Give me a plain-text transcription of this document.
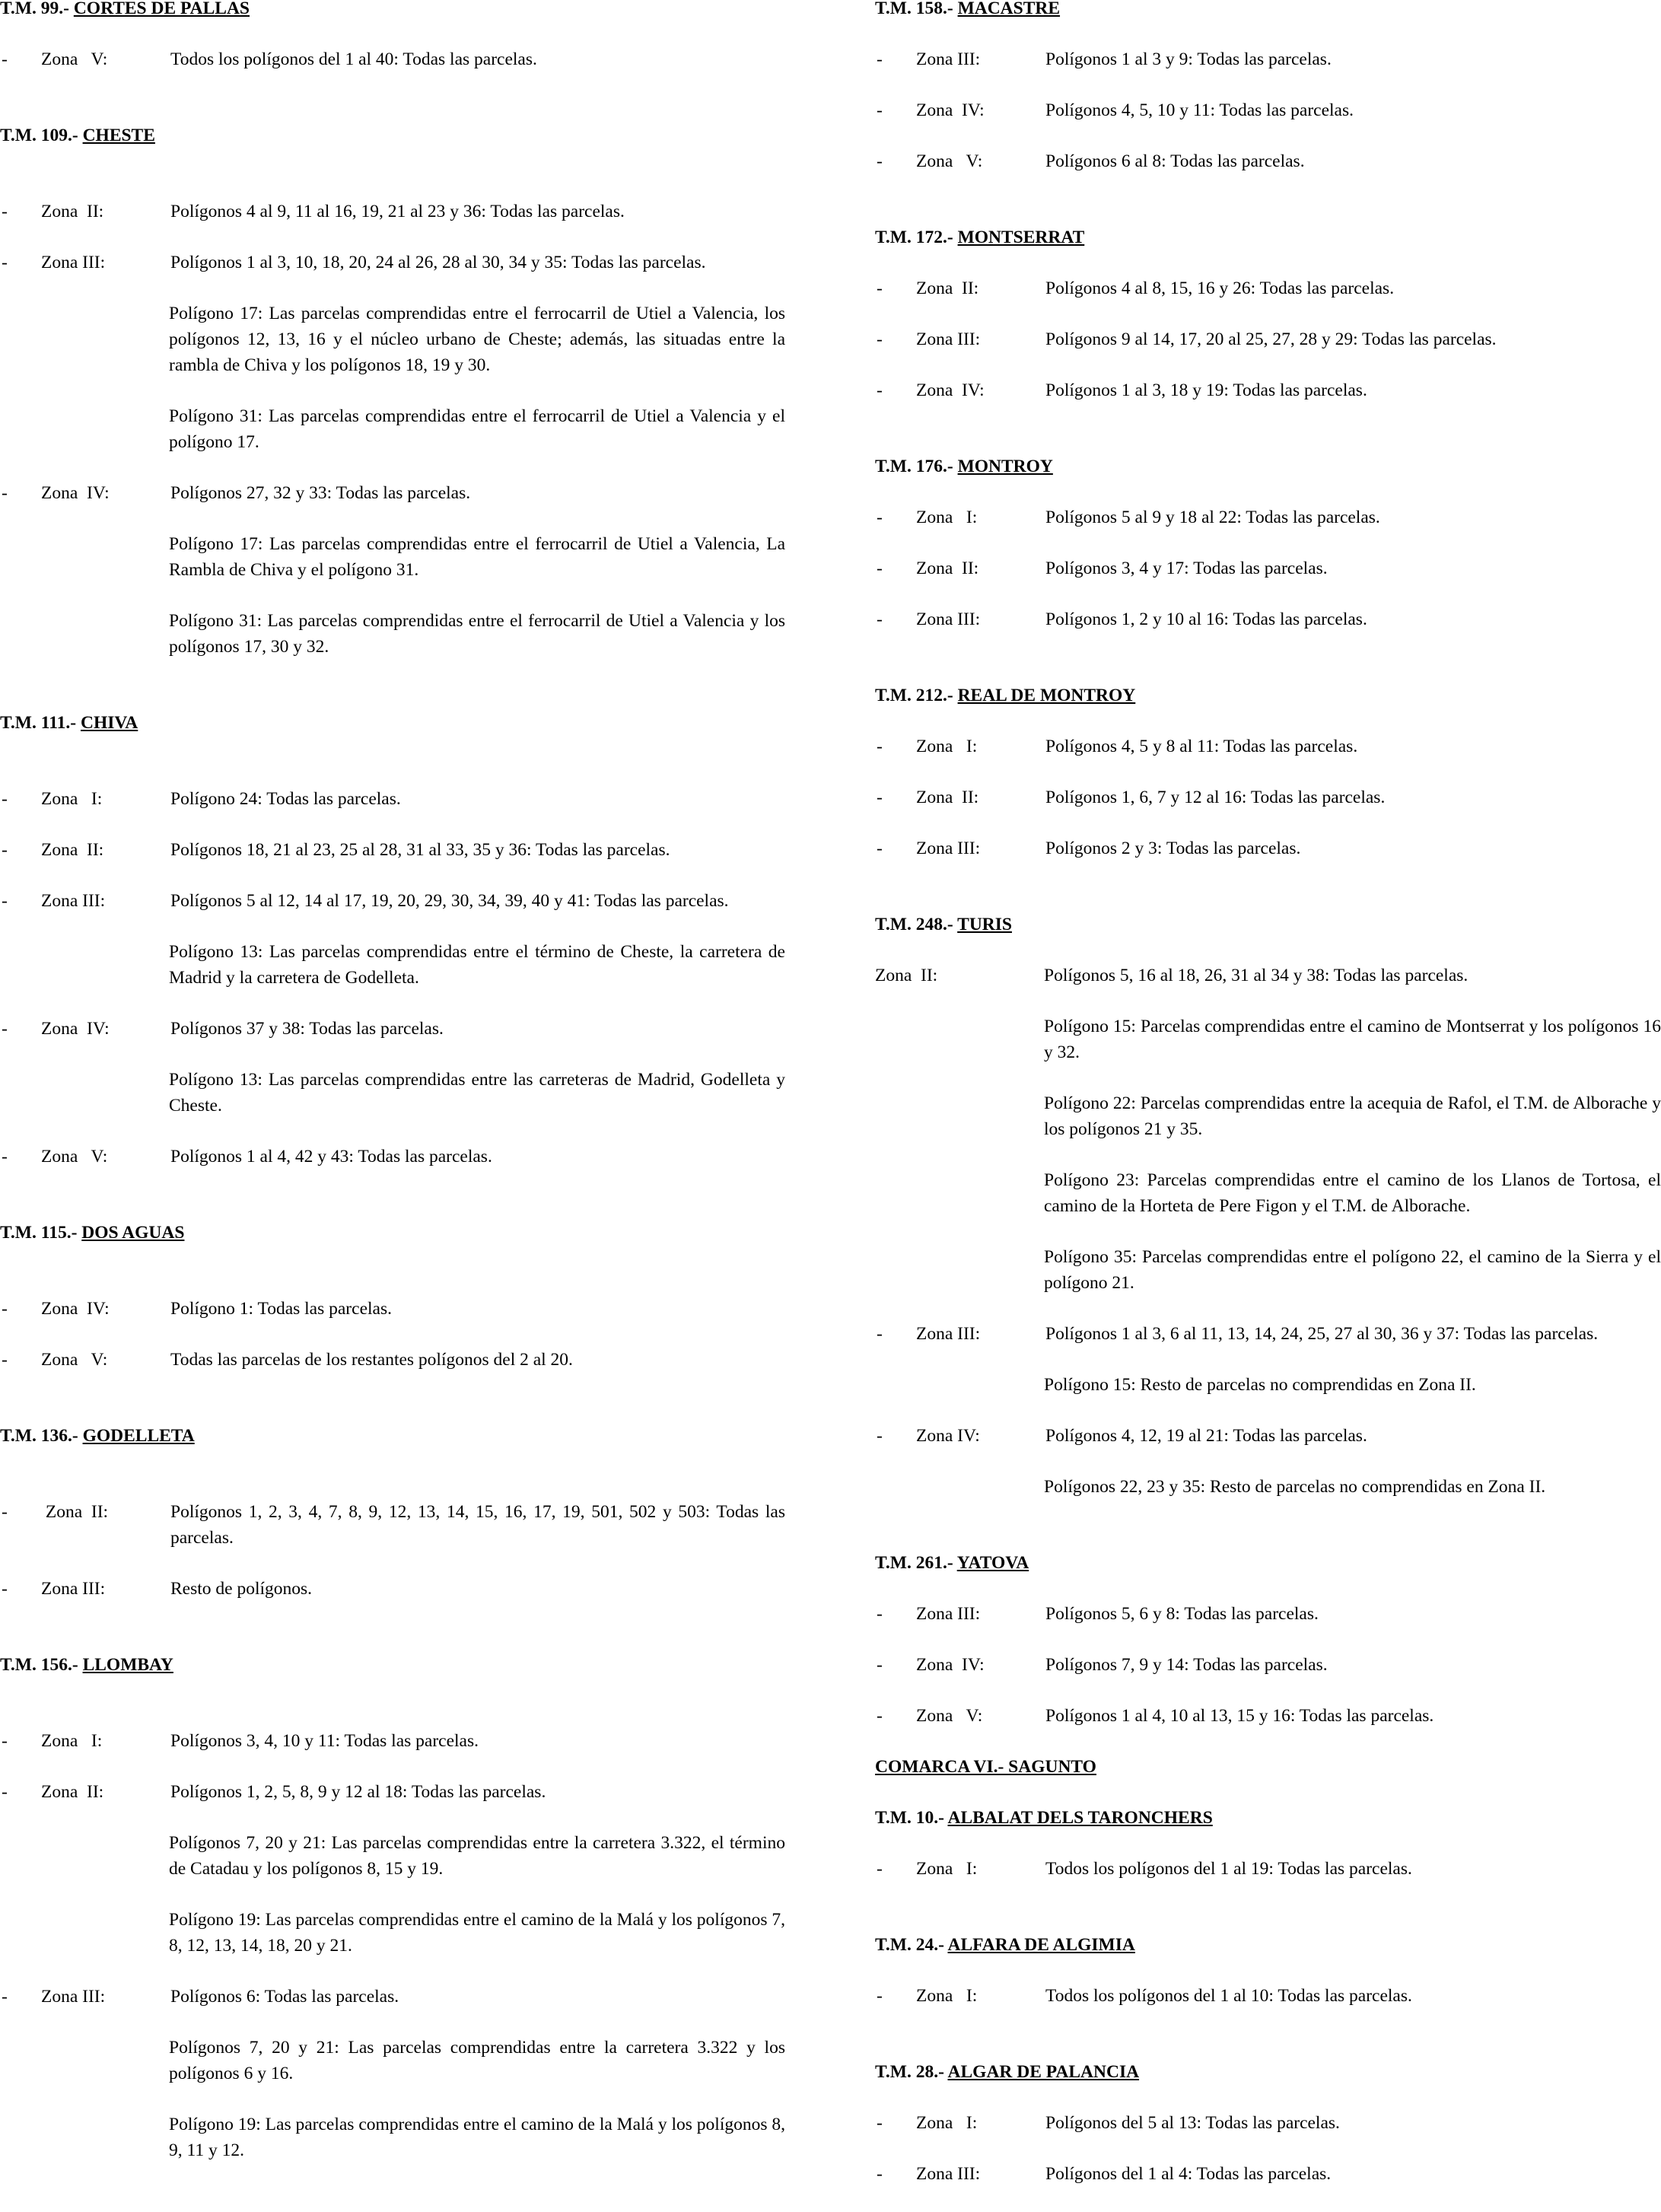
T.M. 99.- CORTES DE PALLAS

-	Zona   V:	Todos los polígonos del 1 al 40: Todas las parcelas.

T.M. 109.- CHESTE

-	Zona  II:	Polígonos 4 al 9, 11 al 16, 19, 21 al 23 y 36: Todas las parcelas.
-	Zona III:	Polígonos 1 al 3, 10, 18, 20, 24 al 26, 28 al 30, 34 y 35: Todas las parcelas.
Polígono 17: Las parcelas comprendidas entre el ferrocarril de Utiel a Valencia, los polígonos 12, 13, 16 y el núcleo urbano de Cheste; además, las situadas entre la rambla de Chiva y los polígonos 18, 19 y 30.
Polígono 31: Las parcelas comprendidas entre el ferrocarril de Utiel a Valencia y el polígono 17.
-	Zona  IV:	Polígonos 27, 32 y 33: Todas las parcelas.
Polígono 17: Las parcelas comprendidas entre el ferrocarril de Utiel a Valencia, La Rambla de Chiva y el polígono 31.
Polígono 31: Las parcelas comprendidas entre el ferrocarril de Utiel a Valencia y los polígonos 17, 30 y 32.

T.M. 111.- CHIVA

-	Zona   I:	Polígono 24: Todas las parcelas.
-	Zona  II:	Polígonos 18, 21 al 23, 25 al 28, 31 al 33, 35 y 36: Todas las parcelas.
-	Zona III:	Polígonos 5 al 12, 14 al 17, 19, 20, 29, 30, 34, 39, 40 y 41: Todas las parcelas.
Polígono 13: Las parcelas comprendidas entre el término de Cheste, la carretera de Madrid y la carretera de Godelleta.
-	Zona  IV:	Polígonos 37 y 38: Todas las parcelas.
Polígono 13: Las parcelas comprendidas entre las carreteras de Madrid, Godelleta y Cheste.
-	Zona   V:	Polígonos 1 al 4, 42 y 43: Todas las parcelas.

T.M. 115.- DOS AGUAS

-	Zona  IV:	Polígono 1: Todas las parcelas.
-	Zona   V:	Todas las parcelas de los restantes polígonos del 2 al 20.

T.M. 136.- GODELLETA

-	Zona  II:	Polígonos 1, 2, 3, 4, 7, 8, 9, 12, 13, 14, 15, 16, 17, 19, 501, 502 y 503: Todas las parcelas.
-	Zona III:	Resto de polígonos.

T.M. 156.- LLOMBAY

-	Zona   I:	Polígonos 3, 4, 10 y 11: Todas las parcelas.
-	Zona  II:	Polígonos 1, 2, 5, 8, 9 y 12 al 18: Todas las parcelas.
Polígonos 7, 20 y 21: Las parcelas comprendidas entre la carretera 3.322, el término de Catadau y los polígonos 8, 15 y 19.
Polígono 19: Las parcelas comprendidas entre el camino de la Malá y los polígonos 7, 8, 12, 13, 14, 18, 20 y 21.
-	Zona III:	Polígonos 6: Todas las parcelas.
Polígonos 7, 20 y 21: Las parcelas comprendidas entre la carretera 3.322 y los polígonos 6 y 16.
Polígono 19: Las parcelas comprendidas entre el camino de la Malá y los polígonos 8, 9, 11 y 12.

T.M. 158.- MACASTRE

-	Zona III:	Polígonos 1 al 3 y 9: Todas las parcelas.
-	Zona  IV:	Polígonos 4, 5, 10 y 11: Todas las parcelas.
-	Zona   V:	Polígonos 6 al 8: Todas las parcelas.

T.M. 172.- MONTSERRAT

-	Zona  II:	Polígonos 4 al 8, 15, 16 y 26: Todas las parcelas.
-	Zona III:	Polígonos 9 al 14, 17, 20 al 25, 27, 28 y 29: Todas las parcelas.
-	Zona  IV:	Polígonos 1 al 3, 18 y 19: Todas las parcelas.

T.M. 176.- MONTROY

-	Zona   I:	Polígonos 5 al 9 y 18 al 22: Todas las parcelas.
-	Zona  II:	Polígonos 3, 4 y 17: Todas las parcelas.
-	Zona III:	Polígonos 1, 2 y 10 al 16: Todas las parcelas.

T.M. 212.- REAL DE MONTROY

-	Zona   I:	Polígonos 4, 5 y 8 al 11: Todas las parcelas.
-	Zona  II:	Polígonos 1, 6, 7 y 12 al 16: Todas las parcelas.
-	Zona III:	Polígonos 2 y 3: Todas las parcelas.

T.M. 248.- TURIS

Zona  II:	Polígonos 5, 16 al 18, 26, 31 al 34 y 38: Todas las parcelas.
Polígono 15: Parcelas comprendidas entre el camino de Montserrat y los polígonos 16 y 32.
Polígono 22: Parcelas comprendidas entre la acequia de Rafol, el T.M. de Alborache y los polígonos 21 y 35.
Polígono 23: Parcelas comprendidas entre el camino de los Llanos de Tortosa, el camino de la Horteta de Pere Figon y el T.M. de Alborache.
Polígono 35: Parcelas comprendidas entre el polígono 22, el camino de la Sierra y el polígono 21.
-	Zona III:	Polígonos 1 al 3, 6 al 11, 13, 14, 24, 25, 27 al 30, 36 y 37: Todas las parcelas.
Polígono 15: Resto de parcelas no comprendidas en Zona II.
-	Zona IV:	Polígonos 4, 12, 19 al 21: Todas las parcelas.
Polígonos 22, 23 y 35: Resto de parcelas no comprendidas en Zona II.

T.M. 261.- YATOVA

-	Zona III:	Polígonos 5, 6 y 8: Todas las parcelas.
-	Zona  IV:	Polígonos 7, 9 y 14: Todas las parcelas.
-	Zona   V:	Polígonos 1 al 4, 10 al 13, 15 y 16: Todas las parcelas.

COMARCA VI.- SAGUNTO

T.M. 10.- ALBALAT DELS TARONCHERS

-	Zona   I:	Todos los polígonos del 1 al 19: Todas las parcelas.

T.M. 24.- ALFARA DE ALGIMIA

-	Zona   I:	Todos los polígonos del 1 al 10: Todas las parcelas.

T.M. 28.- ALGAR DE PALANCIA

-	Zona   I:	Polígonos del 5 al 13: Todas las parcelas.
-	Zona III:	Polígonos del 1 al 4: Todas las parcelas.
